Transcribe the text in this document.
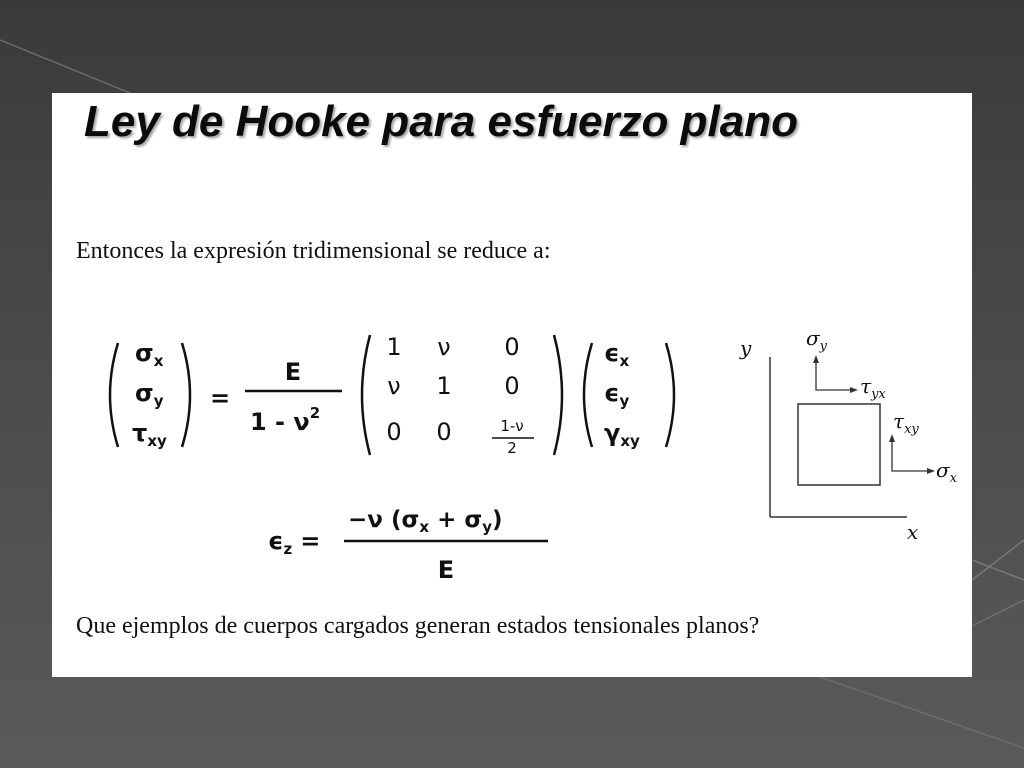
Ley de Hooke para esfuerzo plano
Entonces la expresión tridimensional se reduce a:
$\sigma_x$
$\sigma_y$
$\tau_{xy}$
=
E
$1 - \nu^2$
1 ν 0
ν 1 0
0 0	1-ν
2
$\epsilon_x$
$\epsilon_y$
$\gamma_{xy}$
$\epsilon_z$ =
−ν $(\sigma_x + \sigma_y)$
E
y
x
$\sigma_y$
$\tau_{yx}$
$\tau_{xy}$
$\sigma_x$
Que ejemplos de cuerpos cargados generan estados tensionales planos?
